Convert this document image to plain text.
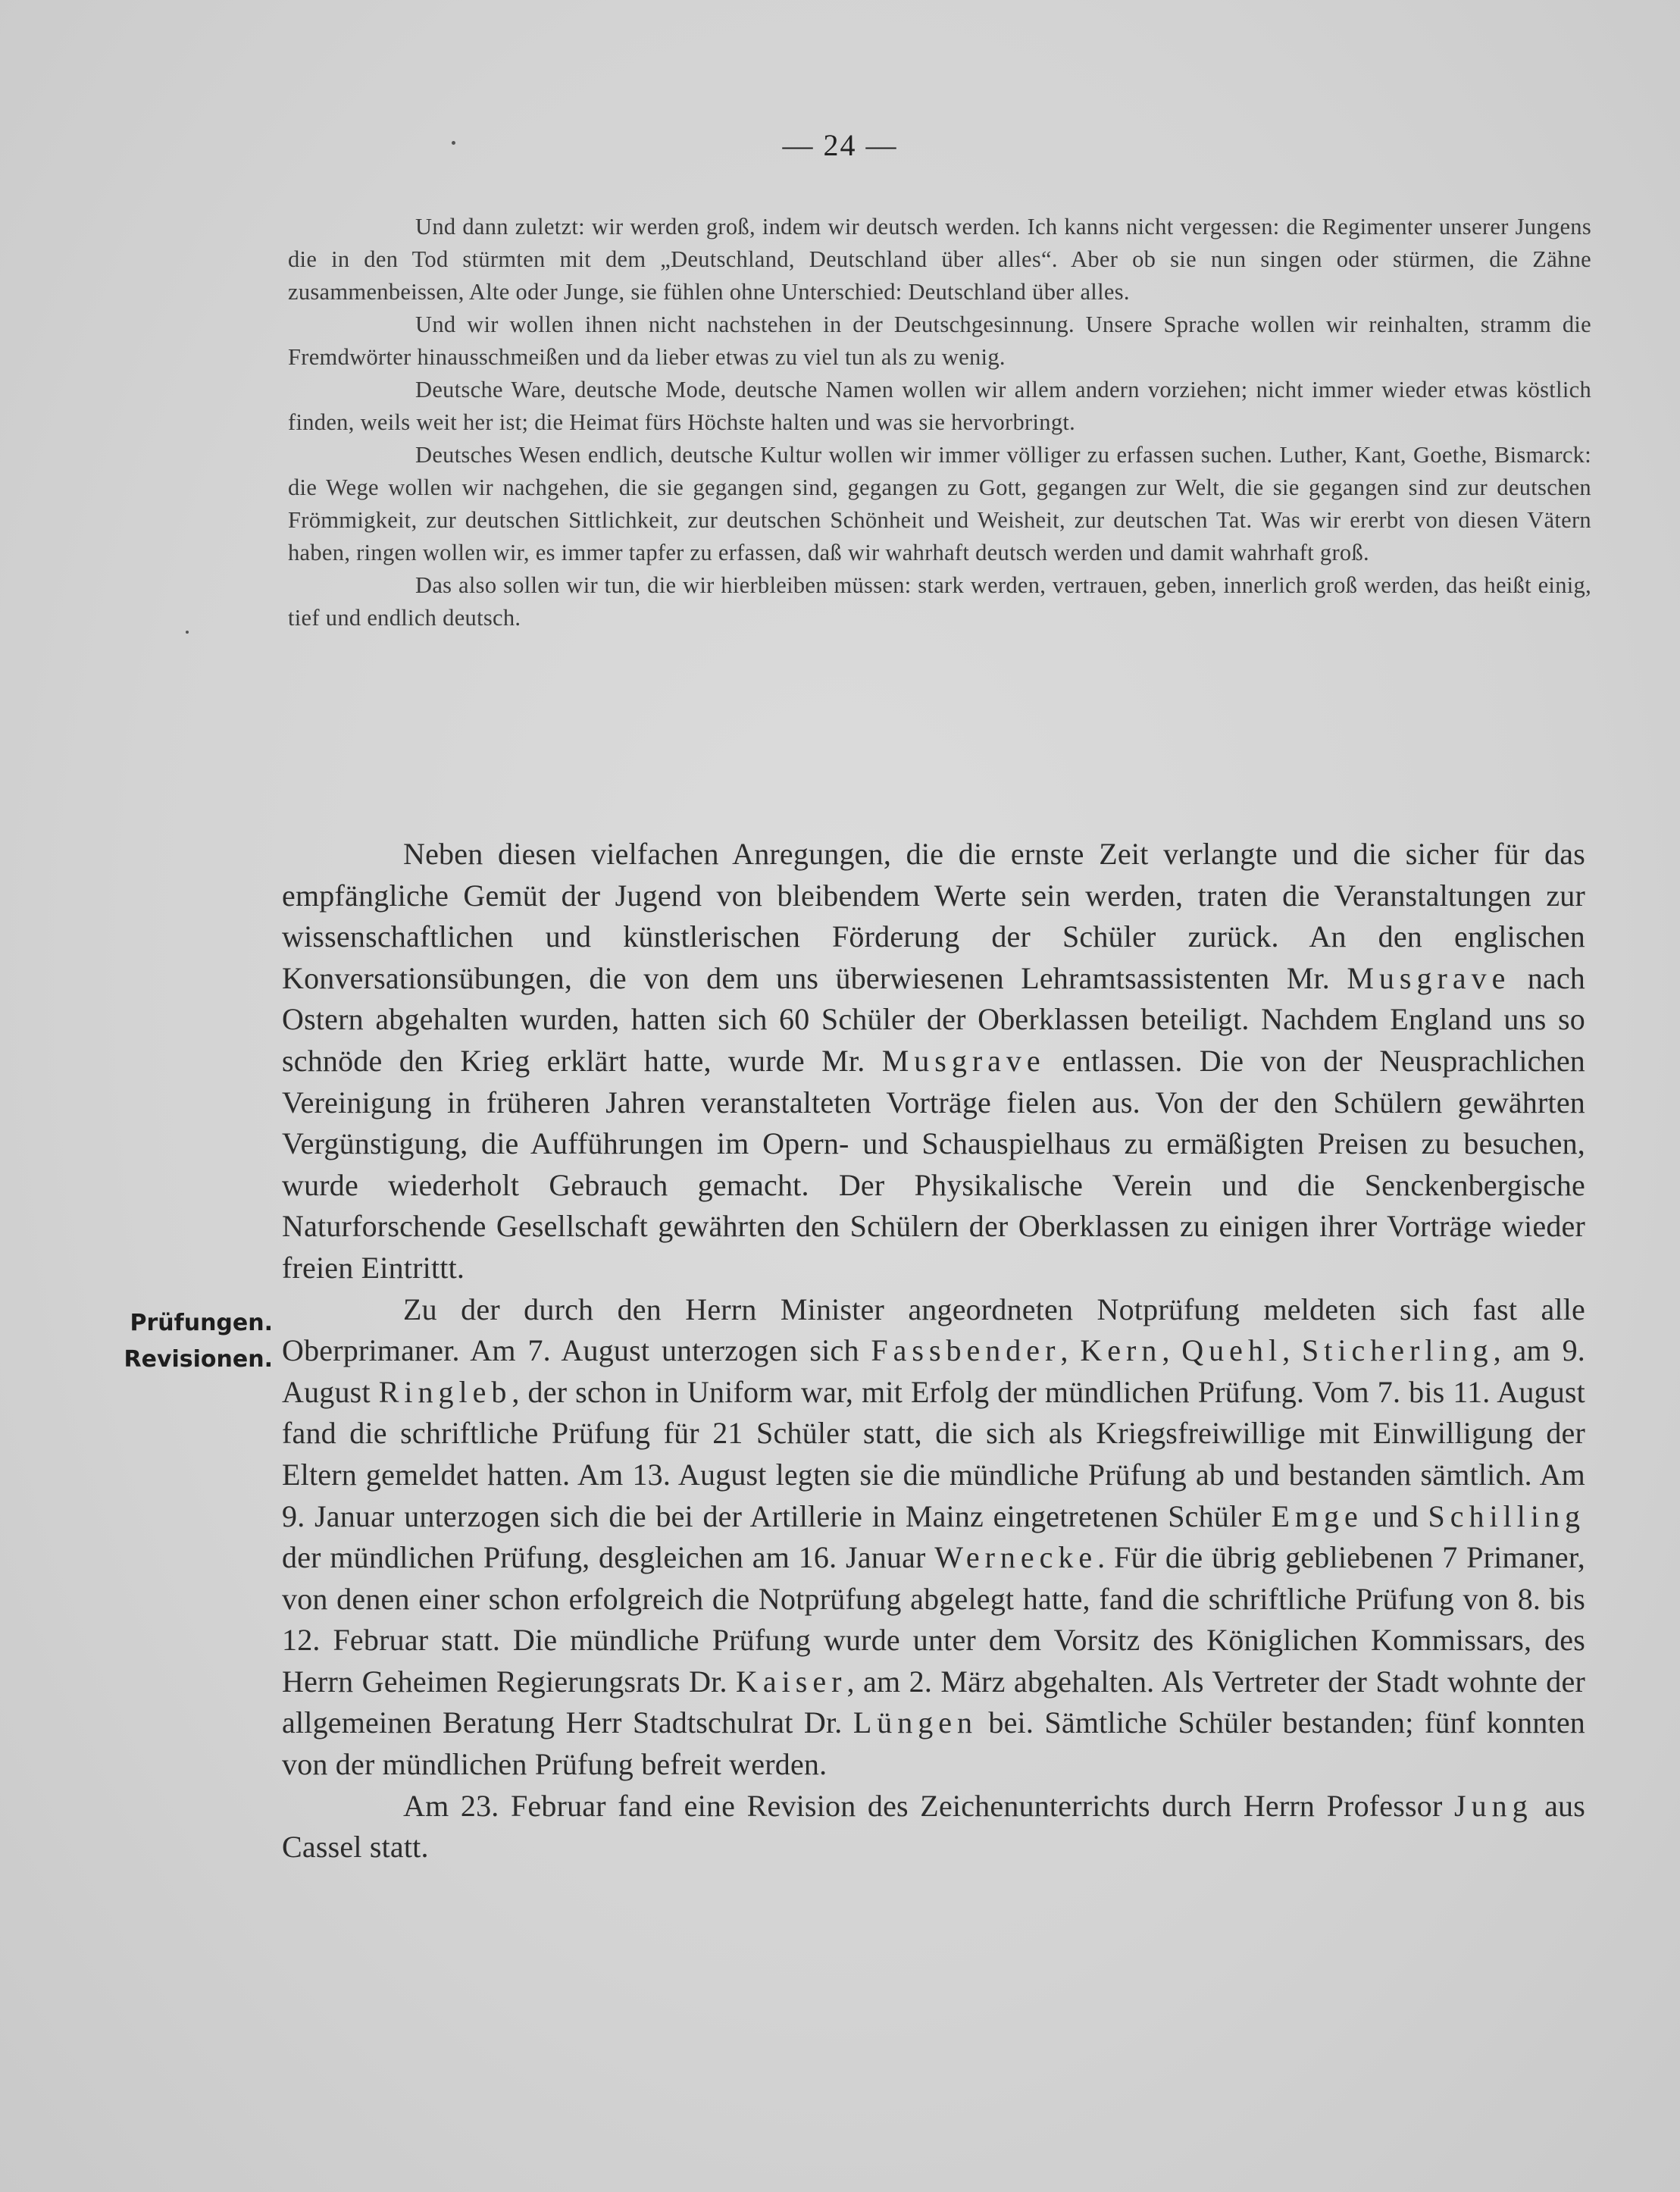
— 24 —

Und dann zuletzt: wir werden groß, indem wir deutsch werden. Ich kanns nicht vergessen: die Regimenter unserer Jungens die in den Tod stürmten mit dem „Deutschland, Deutschland über alles“. Aber ob sie nun singen oder stürmen, die Zähne zusammenbeissen, Alte oder Junge, sie fühlen ohne Unterschied: Deutschland über alles.

Und wir wollen ihnen nicht nachstehen in der Deutschgesinnung. Unsere Sprache wollen wir reinhalten, stramm die Fremdwörter hinausschmeißen und da lieber etwas zu viel tun als zu wenig.

Deutsche Ware, deutsche Mode, deutsche Namen wollen wir allem andern vorziehen; nicht immer wieder etwas köstlich finden, weils weit her ist; die Heimat fürs Höchste halten und was sie hervorbringt.

Deutsches Wesen endlich, deutsche Kultur wollen wir immer völliger zu erfassen suchen. Luther, Kant, Goethe, Bismarck: die Wege wollen wir nachgehen, die sie gegangen sind, gegangen zu Gott, gegangen zur Welt, die sie gegangen sind zur deutschen Frömmigkeit, zur deutschen Sittlichkeit, zur deutschen Schönheit und Weisheit, zur deutschen Tat. Was wir ererbt von diesen Vätern haben, ringen wollen wir, es immer tapfer zu erfassen, daß wir wahrhaft deutsch werden und damit wahrhaft groß.

Das also sollen wir tun, die wir hierbleiben müssen: stark werden, vertrauen, geben, innerlich groß werden, das heißt einig, tief und endlich deutsch.

Neben diesen vielfachen Anregungen, die die ernste Zeit verlangte und die sicher für das empfängliche Gemüt der Jugend von bleibendem Werte sein werden, traten die Veranstaltungen zur wissenschaftlichen und künstlerischen Förderung der Schüler zurück. An den englischen Konversationsübungen, die von dem uns überwiesenen Lehramtsassistenten Mr. Musgrave nach Ostern abgehalten wurden, hatten sich 60 Schüler der Oberklassen beteiligt. Nachdem England uns so schnöde den Krieg erklärt hatte, wurde Mr. Musgrave entlassen. Die von der Neusprachlichen Vereinigung in früheren Jahren veranstalteten Vorträge fielen aus. Von der den Schülern gewährten Vergünstigung, die Aufführungen im Opern- und Schauspielhaus zu ermäßigten Preisen zu besuchen, wurde wiederholt Gebrauch gemacht. Der Physikalische Verein und die Senckenbergische Naturforschende Gesellschaft gewährten den Schülern der Oberklassen zu einigen ihrer Vorträge wieder freien Eintrittt.

Zu der durch den Herrn Minister angeordneten Notprüfung meldeten sich fast alle Oberprimaner. Am 7. August unterzogen sich Fassbender, Kern, Quehl, Sticherling, am 9. August Ringleb, der schon in Uniform war, mit Erfolg der mündlichen Prüfung. Vom 7. bis 11. August fand die schriftliche Prüfung für 21 Schüler statt, die sich als Kriegsfreiwillige mit Einwilligung der Eltern gemeldet hatten. Am 13. August legten sie die mündliche Prüfung ab und bestanden sämtlich. Am 9. Januar unterzogen sich die bei der Artillerie in Mainz eingetretenen Schüler Emge und Schilling der mündlichen Prüfung, desgleichen am 16. Januar Wernecke. Für die übrig gebliebenen 7 Primaner, von denen einer schon erfolgreich die Notprüfung abgelegt hatte, fand die schriftliche Prüfung von 8. bis 12. Februar statt. Die mündliche Prüfung wurde unter dem Vorsitz des Königlichen Kommissars, des Herrn Geheimen Regierungsrats Dr. Kaiser, am 2. März abgehalten. Als Vertreter der Stadt wohnte der allgemeinen Beratung Herr Stadtschulrat Dr. Lüngen bei. Sämtliche Schüler bestanden; fünf konnten von der mündlichen Prüfung befreit werden.

Am 23. Februar fand eine Revision des Zeichenunterrichts durch Herrn Professor Jung aus Cassel statt.

Prüfungen.
Revisionen.
